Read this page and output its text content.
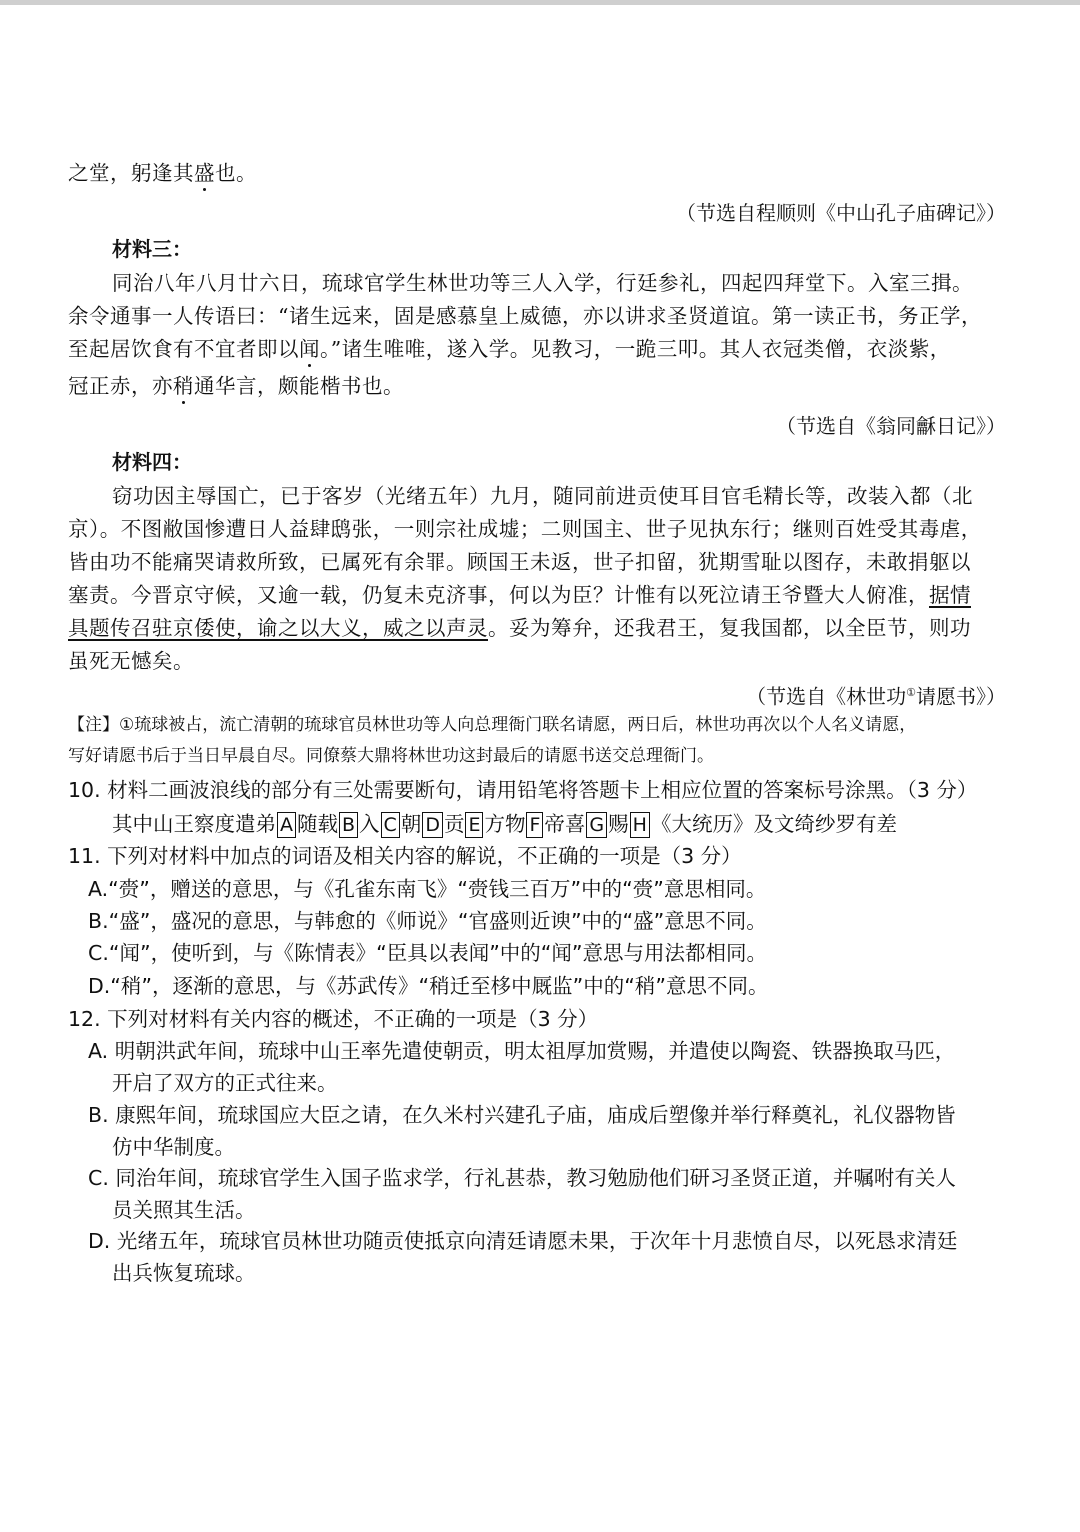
之堂，躬逢其盛也。
（节选自程顺则《中山孔子庙碑记》）
材料三：
同治八年八月廿六日，琉球官学生林世功等三人入学，行廷参礼，四起四拜堂下。入室三揖。
余令通事一人传语曰：“诸生远来，固是感慕皇上威德，亦以讲求圣贤道谊。第一读正书，务正学，
至起居饮食有不宜者即以闻。”诸生唯唯，遂入学。见教习，一跪三叩。其人衣冠类僧，衣淡紫，
冠正赤，亦稍通华言，颇能楷书也。
（节选自《翁同龢日记》）
材料四：
窃功因主辱国亡，已于客岁（光绪五年）九月，随同前进贡使耳目官毛精长等，改装入都（北
京）。不图敝国惨遭日人益肆鸱张，一则宗社成墟；二则国主、世子见执东行；继则百姓受其毒虐，
皆由功不能痛哭请救所致，已属死有余罪。顾国王未返，世子扣留，犹期雪耻以图存，未敢捐躯以
塞责。今晋京守候，又逾一载，仍复未克济事，何以为臣？计惟有以死泣请王爷暨大人俯准，据情
具题传召驻京倭使，谕之以大义，威之以声灵。妥为筹弁，还我君王，复我国都，以全臣节，则功
虽死无憾矣。
（节选自《林世功①请愿书》）
【注】①琉球被占，流亡清朝的琉球官员林世功等人向总理衙门联名请愿，两日后，林世功再次以个人名义请愿，
写好请愿书后于当日早晨自尽。同僚蔡大鼎将林世功这封最后的请愿书送交总理衙门。
10. 材料二画波浪线的部分有三处需要断句，请用铅笔将答题卡上相应位置的答案标号涂黑。（3 分）
其中山王察度遣弟 A 随载 B 入 C 朝 D 贡 E 方物 F 帝喜 G 赐 H 《大统历》及文绮纱罗有差
11. 下列对材料中加点的词语及相关内容的解说，不正确的一项是（3 分）
A.“赍”，赠送的意思，与《孔雀东南飞》“赍钱三百万”中的“赍”意思相同。
B.“盛”，盛况的意思，与韩愈的《师说》“官盛则近谀”中的“盛”意思不同。
C.“闻”，使听到，与《陈情表》“臣具以表闻”中的“闻”意思与用法都相同。
D.“稍”，逐渐的意思，与《苏武传》“稍迁至栘中厩监”中的“稍”意思不同。
12. 下列对材料有关内容的概述，不正确的一项是（3 分）
A. 明朝洪武年间，琉球中山王率先遣使朝贡，明太祖厚加赏赐，并遣使以陶瓷、铁器换取马匹，
开启了双方的正式往来。
B. 康熙年间，琉球国应大臣之请，在久米村兴建孔子庙，庙成后塑像并举行释奠礼，礼仪器物皆
仿中华制度。
C. 同治年间，琉球官学生入国子监求学，行礼甚恭，教习勉励他们研习圣贤正道，并嘱咐有关人
员关照其生活。
D. 光绪五年，琉球官员林世功随贡使抵京向清廷请愿未果，于次年十月悲愤自尽，以死恳求清廷
出兵恢复琉球。
